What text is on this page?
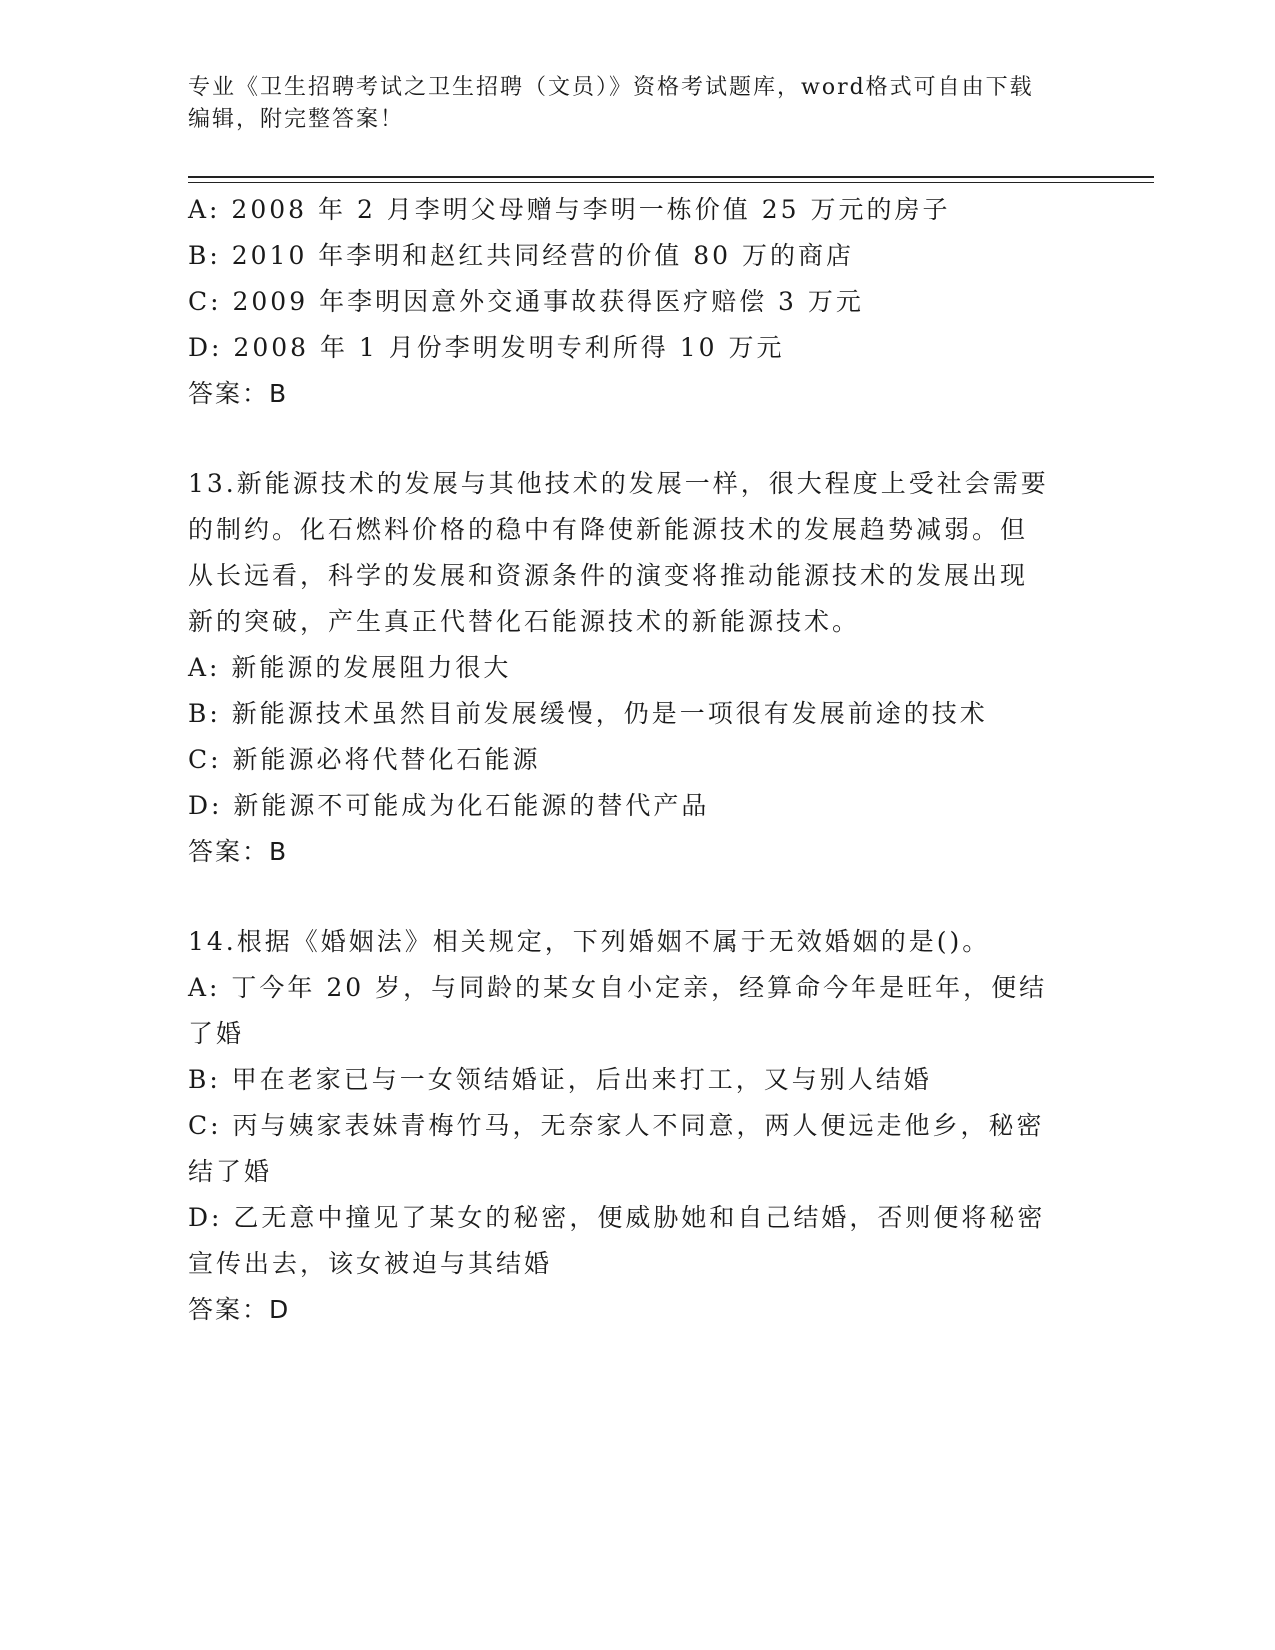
专业《卫生招聘考试之卫生招聘（文员）》资格考试题库，word格式可自由下载
编辑，附完整答案！
A: 2008 年 2 月李明父母赠与李明一栋价值 25 万元的房子
B: 2010 年李明和赵红共同经营的价值 80 万的商店
C: 2009 年李明因意外交通事故获得医疗赔偿 3 万元
D: 2008 年 1 月份李明发明专利所得 10 万元
答案：B
13.新能源技术的发展与其他技术的发展一样，很大程度上受社会需要
的制约。化石燃料价格的稳中有降使新能源技术的发展趋势减弱。但
从长远看，科学的发展和资源条件的演变将推动能源技术的发展出现
新的突破，产生真正代替化石能源技术的新能源技术。
A: 新能源的发展阻力很大
B: 新能源技术虽然目前发展缓慢，仍是一项很有发展前途的技术
C: 新能源必将代替化石能源
D: 新能源不可能成为化石能源的替代产品
答案：B
14.根据《婚姻法》相关规定，下列婚姻不属于无效婚姻的是()。
A: 丁今年 20 岁，与同龄的某女自小定亲，经算命今年是旺年，便结
了婚
B: 甲在老家已与一女领结婚证，后出来打工，又与别人结婚
C: 丙与姨家表妹青梅竹马，无奈家人不同意，两人便远走他乡，秘密
结了婚
D: 乙无意中撞见了某女的秘密，便威胁她和自己结婚，否则便将秘密
宣传出去，该女被迫与其结婚
答案：D
